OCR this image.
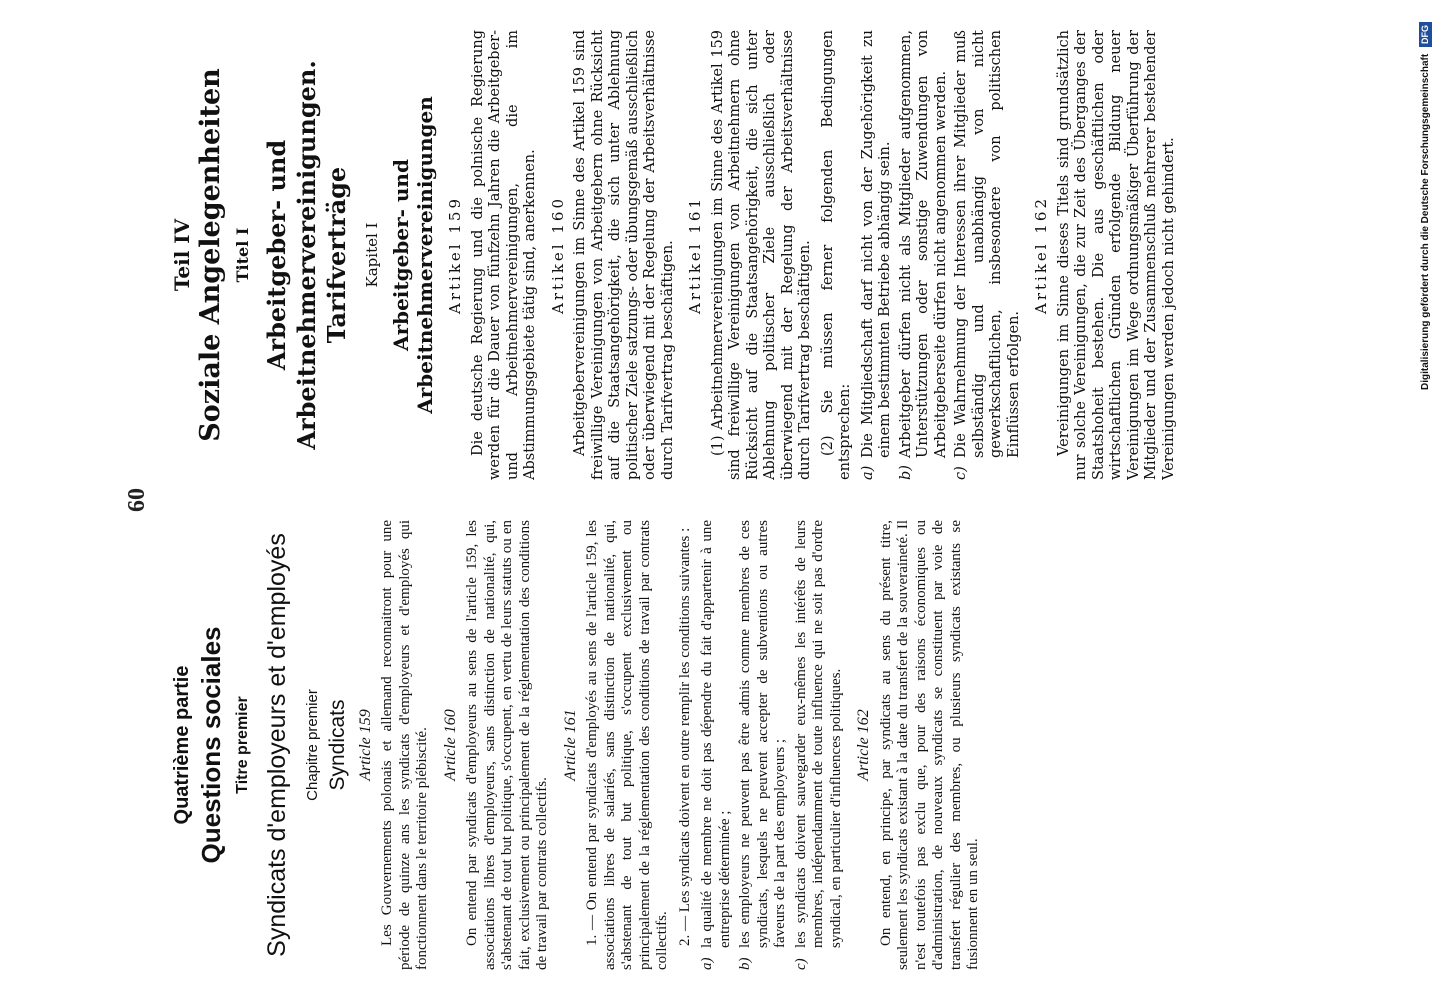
60

Quatrième partie Questions sociales Titre premier Syndicats d'employeurs et d'employés Chapitre premier Syndicats Article 159 Les Gouvernements polonais et allemand reconnaitront pour une période de quinze ans les syndicats d'employeurs et d'employés qui fonctionnent dans le territoire plébiscité. Article 160 On entend par syndicats d'employeurs au sens de l'article 159, les associations libres d'employeurs, sans distinction de nationalité, qui, s'abstenant de tout but politique, s'occupent, en vertu de leurs statuts ou en fait, exclusivement ou principalement de la réglementation des conditions de travail par contrats collectifs.

Article 161 1. — On entend par syndicats d'employés au sens de l'article 159, les associations libres de salariés, sans distinction de nationalité, qui, s'abstenant de tout but politique, s'occupent exclusivement ou principalement de la réglementation des conditions de travail par contrats collectifs. 2. — Les syndicats doivent en outre remplir les conditions suivantes :

a)
la qualité de membre ne doit pas dépendre du fait d'appartenir à une entreprise déterminée ;
b)
les employeurs ne peuvent pas être admis comme membres de ces syndicats, lesquels ne peuvent accepter de subventions ou autres faveurs de la part des employeurs ;
c)
les syndicats doivent sauvegarder eux-mêmes les intérêts de leurs membres, indépendamment de toute influence qui ne soit pas d'ordre syndical, en particulier d'influences politiques. Article 162 On entend, en principe, par syndicats au sens du présent titre, seulement les syndicats existant à la date du transfert de la souveraineté. Il n'est toutefois pas exclu que, pour des raisons économiques ou d'administration, de nouveaux syndicats se constituent par voie de transfert régulier des membres, ou plusieurs syndicats existants se fusionnent en un seul.

Teil IV Soziale Angelegenheiten Titel I Arbeitgeber- und Arbeitnehmervereinigungen. Tarifverträge Kapitel I Arbeitgeber- und Arbeitnehmervereinigungen Artikel 159 Die deutsche Regierung und die polnische Regierung werden für die Dauer von fünfzehn Jahren die Arbeitgeber- und Arbeitnehmervereinigungen, die im Abstimmungsgebiete tätig sind, anerkennen. Artikel 160 Arbeitgebervereinigungen im Sinne des Artikel 159 sind freiwillige Vereinigungen von Arbeitgebern ohne Rücksicht auf die Staatsangehörigkeit, die sich unter Ablehnung politischer Ziele satzungs- oder übungsgemäß ausschließlich oder überwiegend mit der Regelung der Arbeitsverhältnisse durch Tarifvertrag beschäftigen. Artikel 161 (1) Arbeitnehmervereinigungen im Sinne des Artikel 159 sind freiwillige Vereinigungen von Arbeitnehmern ohne Rücksicht auf die Staatsangehörigkeit, die sich unter Ablehnung politischer Ziele ausschließlich oder überwiegend mit der Regelung der Arbeitsverhältnisse durch Tarifvertrag beschäftigen. (2) Sie müssen ferner folgenden Bedingungen entsprechen: a)
Die Mitgliedschaft darf nicht von der Zugehörigkeit zu einem bestimmten Betriebe abhängig sein.
b)
Arbeitgeber dürfen nicht als Mitglieder aufgenommen, Unterstützungen oder sonstige Zuwendungen von Arbeitgeberseite dürfen nicht angenommen werden.
c)
Die Wahrnehmung der Interessen ihrer Mitglieder muß selbständig und unabhängig von nicht gewerkschaftlichen, insbesondere von politischen Einflüssen erfolgen.
Artikel 162 Vereinigungen im Sinne dieses Titels sind grundsätzlich nur solche Vereinigungen, die zur Zeit des Überganges der Staatshoheit bestehen. Die aus geschäftlichen oder wirtschaftlichen Gründen erfolgende Bildung neuer Vereinigungen im Wege ordnungsmäßiger Überführung der Mitglieder und der Zusammenschluß mehrerer bestehender Vereinigungen werden jedoch nicht gehindert.	Digitalisierung gefördert durch die Deutsche Forschungsgemeinschaft DFG
